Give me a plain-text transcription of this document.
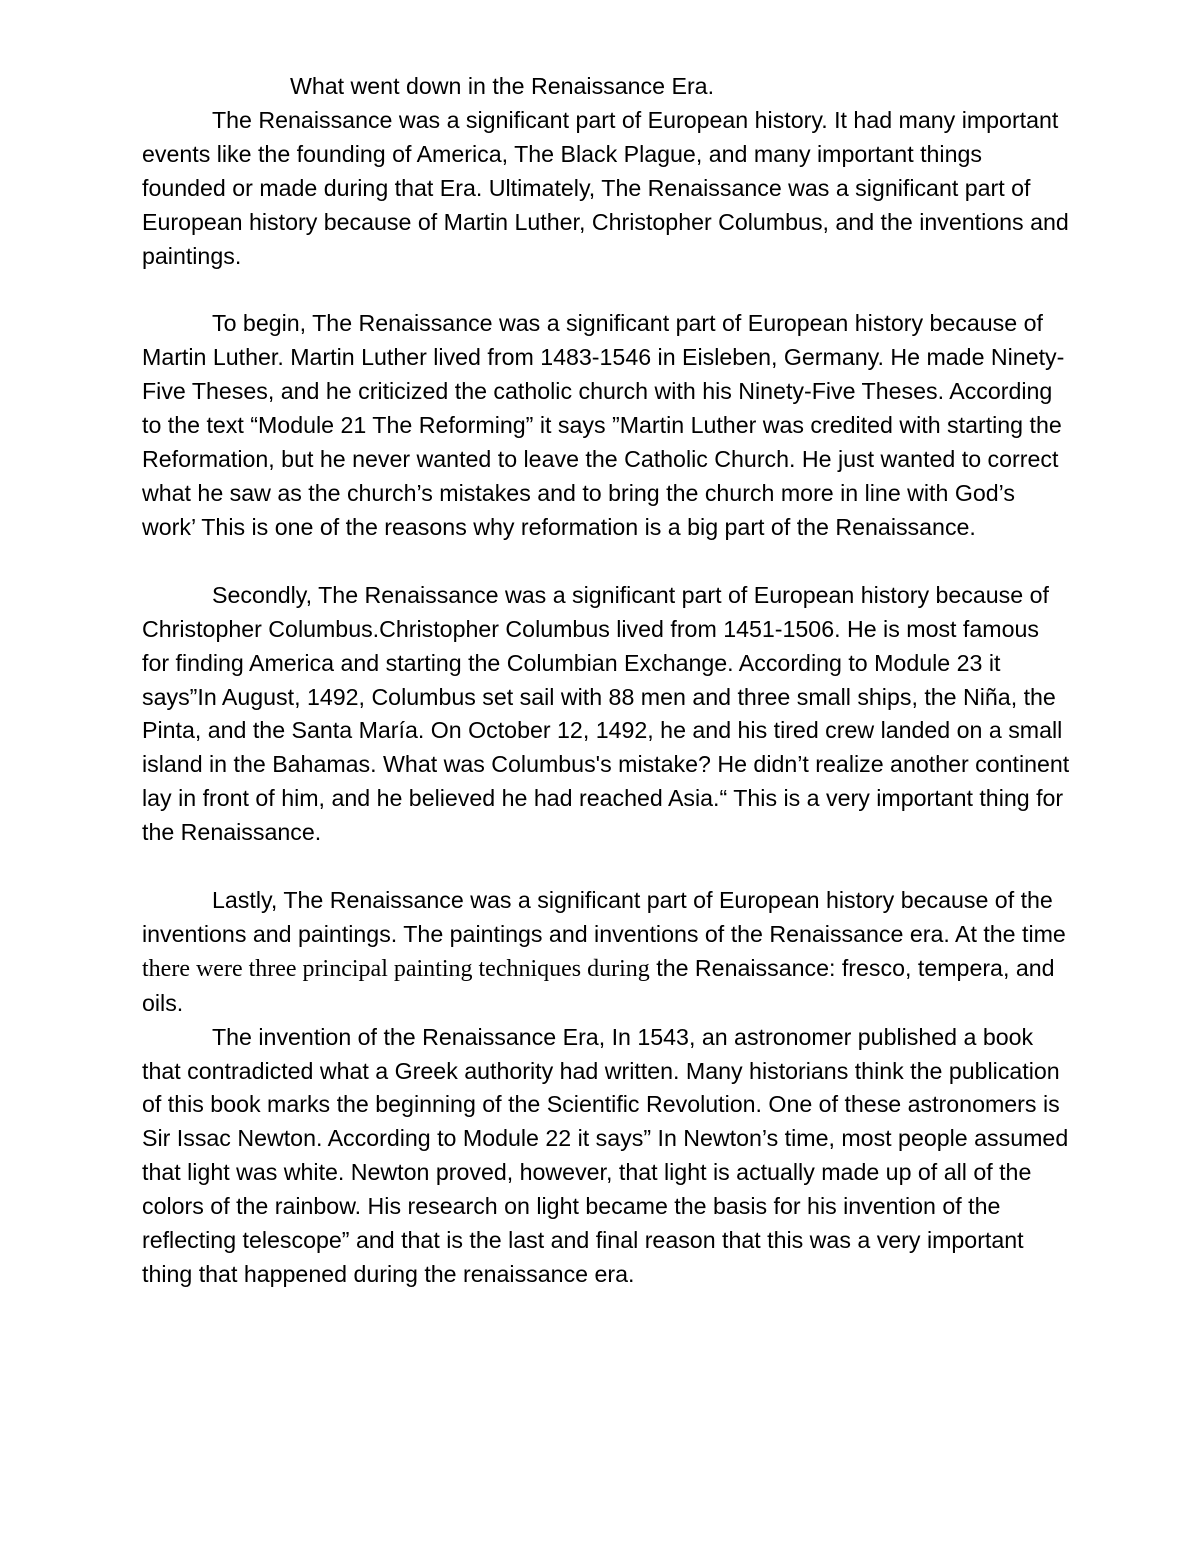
What went down in the Renaissance Era.

The Renaissance was a significant part of European history. It had many important events like the founding of America, The Black Plague, and many important things founded or made during that Era. Ultimately, The Renaissance was a significant part of European history because of Martin Luther, Christopher Columbus, and the inventions and paintings.

To begin, The Renaissance was a significant part of European history because of Martin Luther. Martin Luther lived from 1483-1546 in Eisleben, Germany. He made Ninety-Five Theses, and he criticized the catholic church with his Ninety-Five Theses. According to the text “Module 21 The Reforming” it says ”Martin Luther was credited with starting the Reformation, but he never wanted to leave the Catholic Church. He just wanted to correct what he saw as the church’s mistakes and to bring the church more in line with God’s work’ This is one of the reasons why reformation is a big part of the Renaissance.

Secondly, The Renaissance was a significant part of European history because of Christopher Columbus.Christopher Columbus lived from 1451-1506. He is most famous for finding America and starting the Columbian Exchange. According to Module 23 it says”In August, 1492, Columbus set sail with 88 men and three small ships, the Niña, the Pinta, and the Santa María. On October 12, 1492, he and his tired crew landed on a small island in the Bahamas. What was Columbus's mistake? He didn’t realize another continent lay in front of him, and he believed he had reached Asia.“ This is a very important thing for the Renaissance.

Lastly, The Renaissance was a significant part of European history because of the inventions and paintings. The paintings and inventions of the Renaissance era. At the time there were three principal painting techniques during the Renaissance: fresco, tempera, and oils.

The invention of the Renaissance Era, In 1543, an astronomer published a book that contradicted what a Greek authority had written. Many historians think the publication of this book marks the beginning of the Scientific Revolution. One of these astronomers is Sir Issac Newton. According to Module 22 it says” In Newton’s time, most people assumed that light was white. Newton proved, however, that light is actually made up of all of the colors of the rainbow. His research on light became the basis for his invention of the reflecting telescope” and that is the last and final reason that this was a very important thing that happened during the renaissance era.
